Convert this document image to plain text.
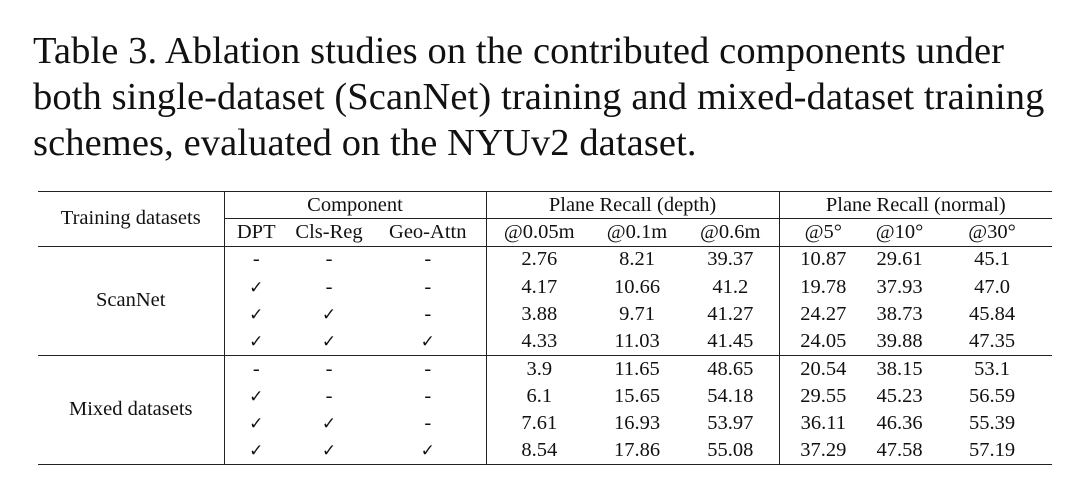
Table 3. Ablation studies on the contributed components under
both single-dataset (ScanNet) training and mixed-dataset training
schemes, evaluated on the NYUv2 dataset.
Training datasets	Component			Plane Recall (depth)			Plane Recall (normal)		
	DPT	Cls-Reg	Geo-Attn	@0.05m	@0.1m	@0.6m	@5°	@10°	@30°
ScanNet	-	-	-	2.76	8.21	39.37	10.87	29.61	45.1
	✓	-	-	4.17	10.66	41.2	19.78	37.93	47.0
	✓	✓	-	3.88	9.71	41.27	24.27	38.73	45.84
	✓	✓	✓	4.33	11.03	41.45	24.05	39.88	47.35
Mixed datasets	-	-	-	3.9	11.65	48.65	20.54	38.15	53.1
	✓	-	-	6.1	15.65	54.18	29.55	45.23	56.59
	✓	✓	-	7.61	16.93	53.97	36.11	46.36	55.39
	✓	✓	✓	8.54	17.86	55.08	37.29	47.58	57.19
